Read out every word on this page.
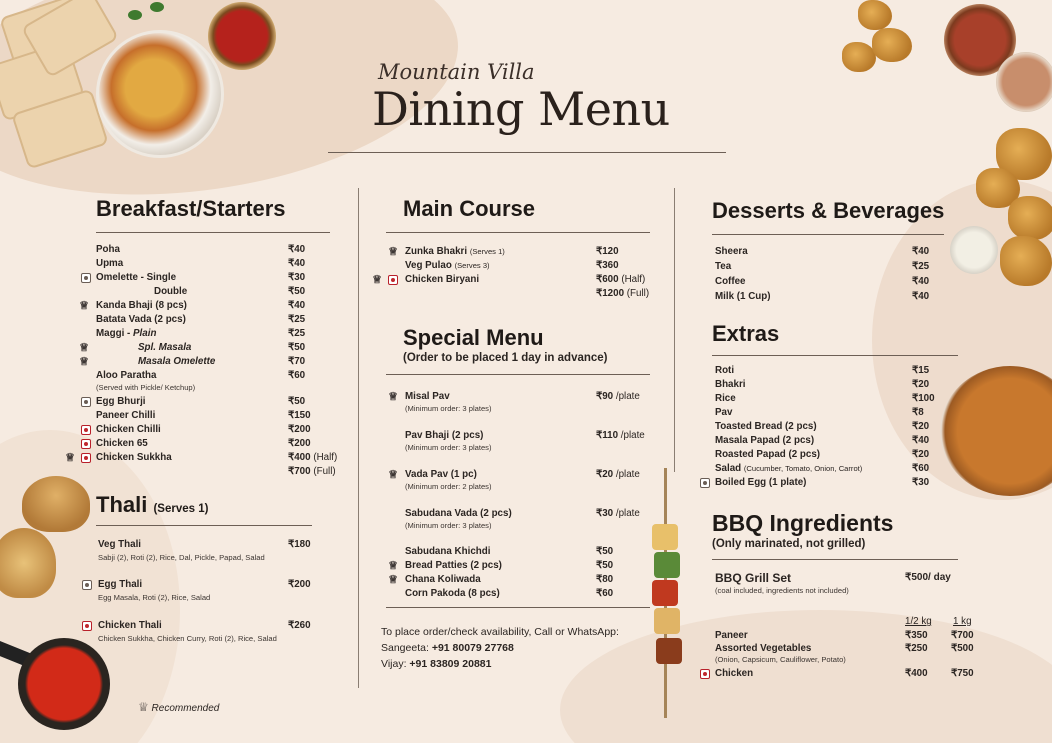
Mountain Villa
Dining Menu
Breakfast/Starters
Poha	₹40
Upma	₹40
Omelette - Single	₹30
Double	₹50
♕ Kanda Bhaji (8 pcs)	₹40
Batata Vada (2 pcs)	₹25
Maggi - Plain	₹25
♕	Spl. Masala	₹50
♕	Masala Omelette	₹70
Aloo Paratha	₹60
(Served with Pickle/ Ketchup)
Egg Bhurji	₹50
Paneer Chilli	₹150
Chicken Chilli	₹200
Chicken 65	₹200
♕ Chicken Sukkha	₹400 (Half)
₹700 (Full)
Thali (Serves 1)
Veg Thali	₹180
Sabji (2), Roti (2), Rice, Dal, Pickle, Papad, Salad
Egg Thali	₹200
Egg Masala, Roti (2), Rice, Salad
Chicken Thali	₹260
Chicken Sukkha, Chicken Curry, Roti (2), Rice, Salad
♕ Recommended
Main Course
♕ Zunka Bhakri (Serves 1)	₹120
Veg Pulao (Serves 3)	₹360
♕ Chicken Biryani	₹600 (Half)
₹1200 (Full)
Special Menu
(Order to be placed 1 day in advance)
♕ Misal Pav	₹90 /plate
(Minimum order: 3 plates)
Pav Bhaji (2 pcs)	₹110 /plate
(Minimum order: 3 plates)
♕ Vada Pav (1 pc)	₹20 /plate
(Minimum order: 2 plates)
Sabudana Vada (2 pcs)	₹30 /plate
(Minimum order: 3 plates)
Sabudana Khichdi	₹50
♕ Bread Patties (2 pcs)	₹50
♕ Chana Koliwada	₹80
Corn Pakoda (8 pcs)	₹60
To place order/check availability, Call or WhatsApp:
Sangeeta: +91 80079 27768
Vijay: +91 83809 20881
Desserts & Beverages
Sheera	₹40
Tea	₹25
Coffee	₹40
Milk (1 Cup)	₹40
Extras
Roti	₹15
Bhakri	₹20
Rice	₹100
Pav	₹8
Toasted Bread (2 pcs)	₹20
Masala Papad (2 pcs)	₹40
Roasted Papad (2 pcs)	₹20
Salad (Cucumber, Tomato, Onion, Carrot)	₹60
Boiled Egg (1 plate)	₹30
BBQ Ingredients
(Only marinated, not grilled)
BBQ Grill Set	₹500/ day
(coal included, ingredients not included)
1/2 kg 1 kg
Paneer	₹350 ₹700
Assorted Vegetables	₹250 ₹500
(Onion, Capsicum, Cauliflower, Potato)
Chicken	₹400 ₹750
